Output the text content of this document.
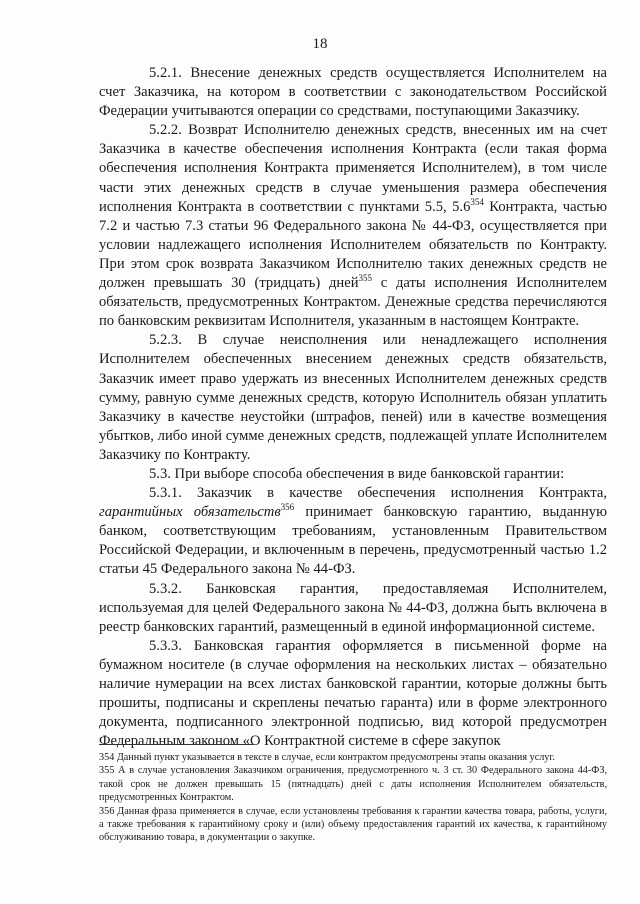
18

5.2.1. Внесение денежных средств осуществляется Исполнителем на счет Заказчика, на котором в соответствии с законодательством Российской Федерации учитываются операции со средствами, поступающими Заказчику.

5.2.2. Возврат Исполнителю денежных средств, внесенных им на счет Заказчика в качестве обеспечения исполнения Контракта (если такая форма обеспечения исполнения Контракта применяется Исполнителем), в том числе части этих денежных средств в случае уменьшения размера обеспечения исполнения Контракта в соответствии с пунктами 5.5, $5.6^{354}$ Контракта, частью 7.2 и частью 7.3 статьи 96 Федерального закона № 44-ФЗ, осуществляется при условии надлежащего исполнения Исполнителем обязательств по Контракту. При этом срок возврата Заказчиком Исполнителю таких денежных средств не должен превышать 30 (тридцать) дней$^{355}$ с даты исполнения Исполнителем обязательств, предусмотренных Контрактом. Денежные средства перечисляются по банковским реквизитам Исполнителя, указанным в настоящем Контракте.

5.2.3. В случае неисполнения или ненадлежащего исполнения Исполнителем обеспеченных внесением денежных средств обязательств, Заказчик имеет право удержать из внесенных Исполнителем денежных средств сумму, равную сумме денежных средств, которую Исполнитель обязан уплатить Заказчику в качестве неустойки (штрафов, пеней) или в качестве возмещения убытков, либо иной сумме денежных средств, подлежащей уплате Исполнителем Заказчику по Контракту.

5.3. При выборе способа обеспечения в виде банковской гарантии:

5.3.1. Заказчик в качестве обеспечения исполнения Контракта, гарантийных обязательств$^{356}$ принимает банковскую гарантию, выданную банком, соответствующим требованиям, установленным Правительством Российской Федерации, и включенным в перечень, предусмотренный частью 1.2 статьи 45 Федерального закона № 44-ФЗ.

5.3.2. Банковская гарантия, предоставляемая Исполнителем, используемая для целей Федерального закона № 44-ФЗ, должна быть включена в реестр банковских гарантий, размещенный в единой информационной системе.

5.3.3. Банковская гарантия оформляется в письменной форме на бумажном носителе (в случае оформления на нескольких листах – обязательно наличие нумерации на всех листах банковской гарантии, которые должны быть прошиты, подписаны и скреплены печатью гаранта) или в форме электронного документа, подписанного электронной подписью, вид которой предусмотрен Федеральным законом «О Контрактной системе в сфере закупок

354 Данный пункт указывается в тексте в случае, если контрактом предусмотрены этапы оказания услуг.

355 А в случае установления Заказчиком ограничения, предусмотренного ч. 3 ст. 30 Федерального закона 44-ФЗ, такой срок не должен превышать 15 (пятнадцать) дней с даты исполнения Исполнителем обязательств, предусмотренных Контрактом.

356 Данная фраза применяется в случае, если установлены требования к гарантии качества товара, работы, услуги, а также требования к гарантийному сроку и (или) объему предоставления гарантий их качества, к гарантийному обслуживанию товара, в документации о закупке.
